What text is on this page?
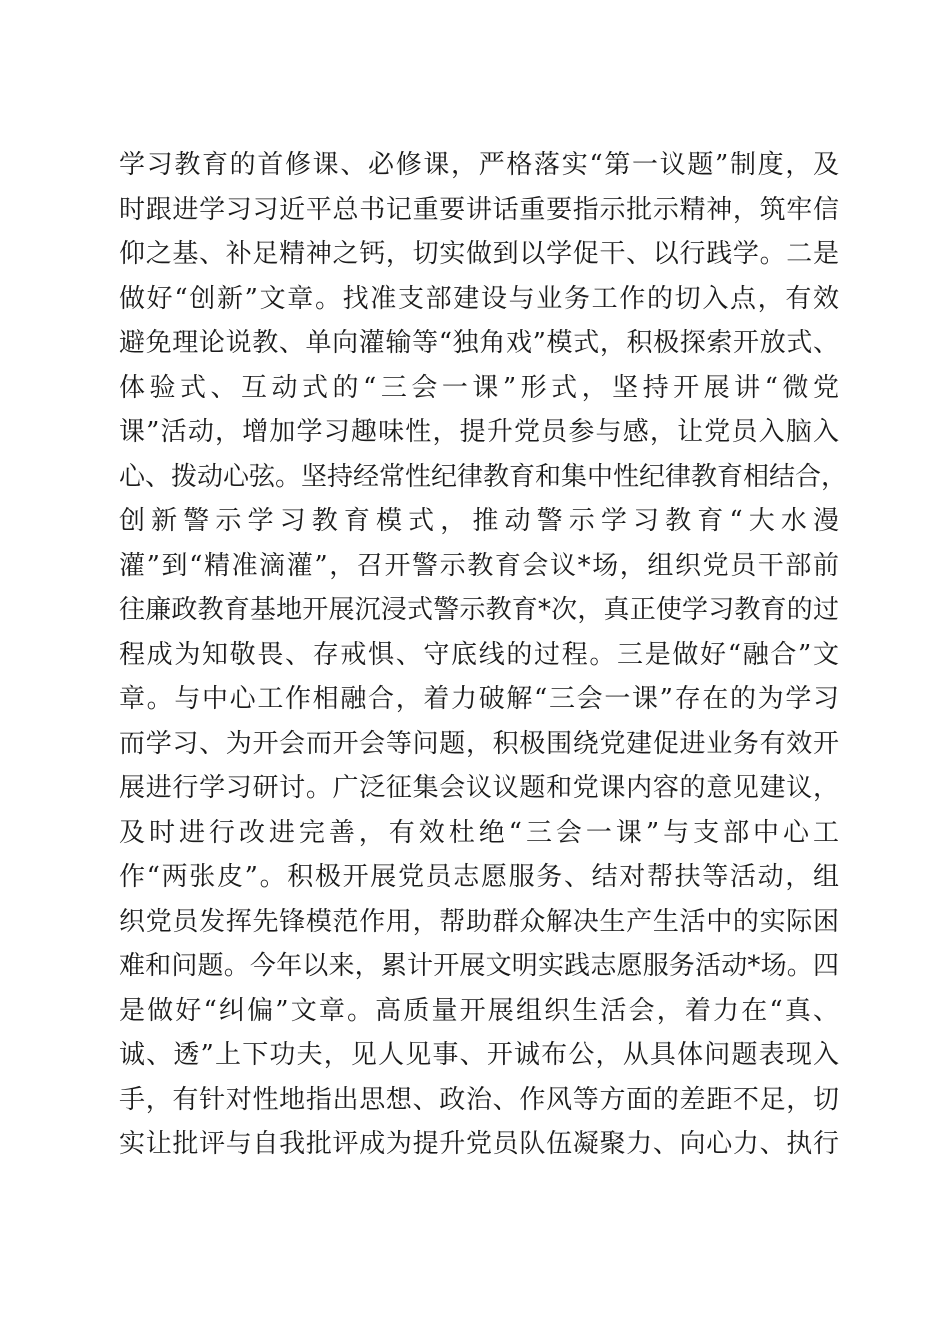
学习教育的首修课、必修课，严格落实“第一议题”制度，及
时跟进学习习近平总书记重要讲话重要指示批示精神，筑牢信
仰之基、补足精神之钙，切实做到以学促干、以行践学。二是
做好“创新”文章。找准支部建设与业务工作的切入点，有效
避免理论说教、单向灌输等“独角戏”模式，积极探索开放式、
体验式、互动式的“三会一课”形式，坚持开展讲“微党
课”活动，增加学习趣味性，提升党员参与感，让党员入脑入
心、拨动心弦。坚持经常性纪律教育和集中性纪律教育相结合，
创新警示学习教育模式，推动警示学习教育“大水漫
灌”到“精准滴灌”，召开警示教育会议*场，组织党员干部前
往廉政教育基地开展沉浸式警示教育*次，真正使学习教育的过
程成为知敬畏、存戒惧、守底线的过程。三是做好“融合”文
章。与中心工作相融合，着力破解“三会一课”存在的为学习
而学习、为开会而开会等问题，积极围绕党建促进业务有效开
展进行学习研讨。广泛征集会议议题和党课内容的意见建议，
及时进行改进完善，有效杜绝“三会一课”与支部中心工
作“两张皮”。积极开展党员志愿服务、结对帮扶等活动，组
织党员发挥先锋模范作用，帮助群众解决生产生活中的实际困
难和问题。今年以来，累计开展文明实践志愿服务活动*场。四
是做好“纠偏”文章。高质量开展组织生活会，着力在“真、
诚、透”上下功夫，见人见事、开诚布公，从具体问题表现入
手，有针对性地指出思想、政治、作风等方面的差距不足，切
实让批评与自我批评成为提升党员队伍凝聚力、向心力、执行
